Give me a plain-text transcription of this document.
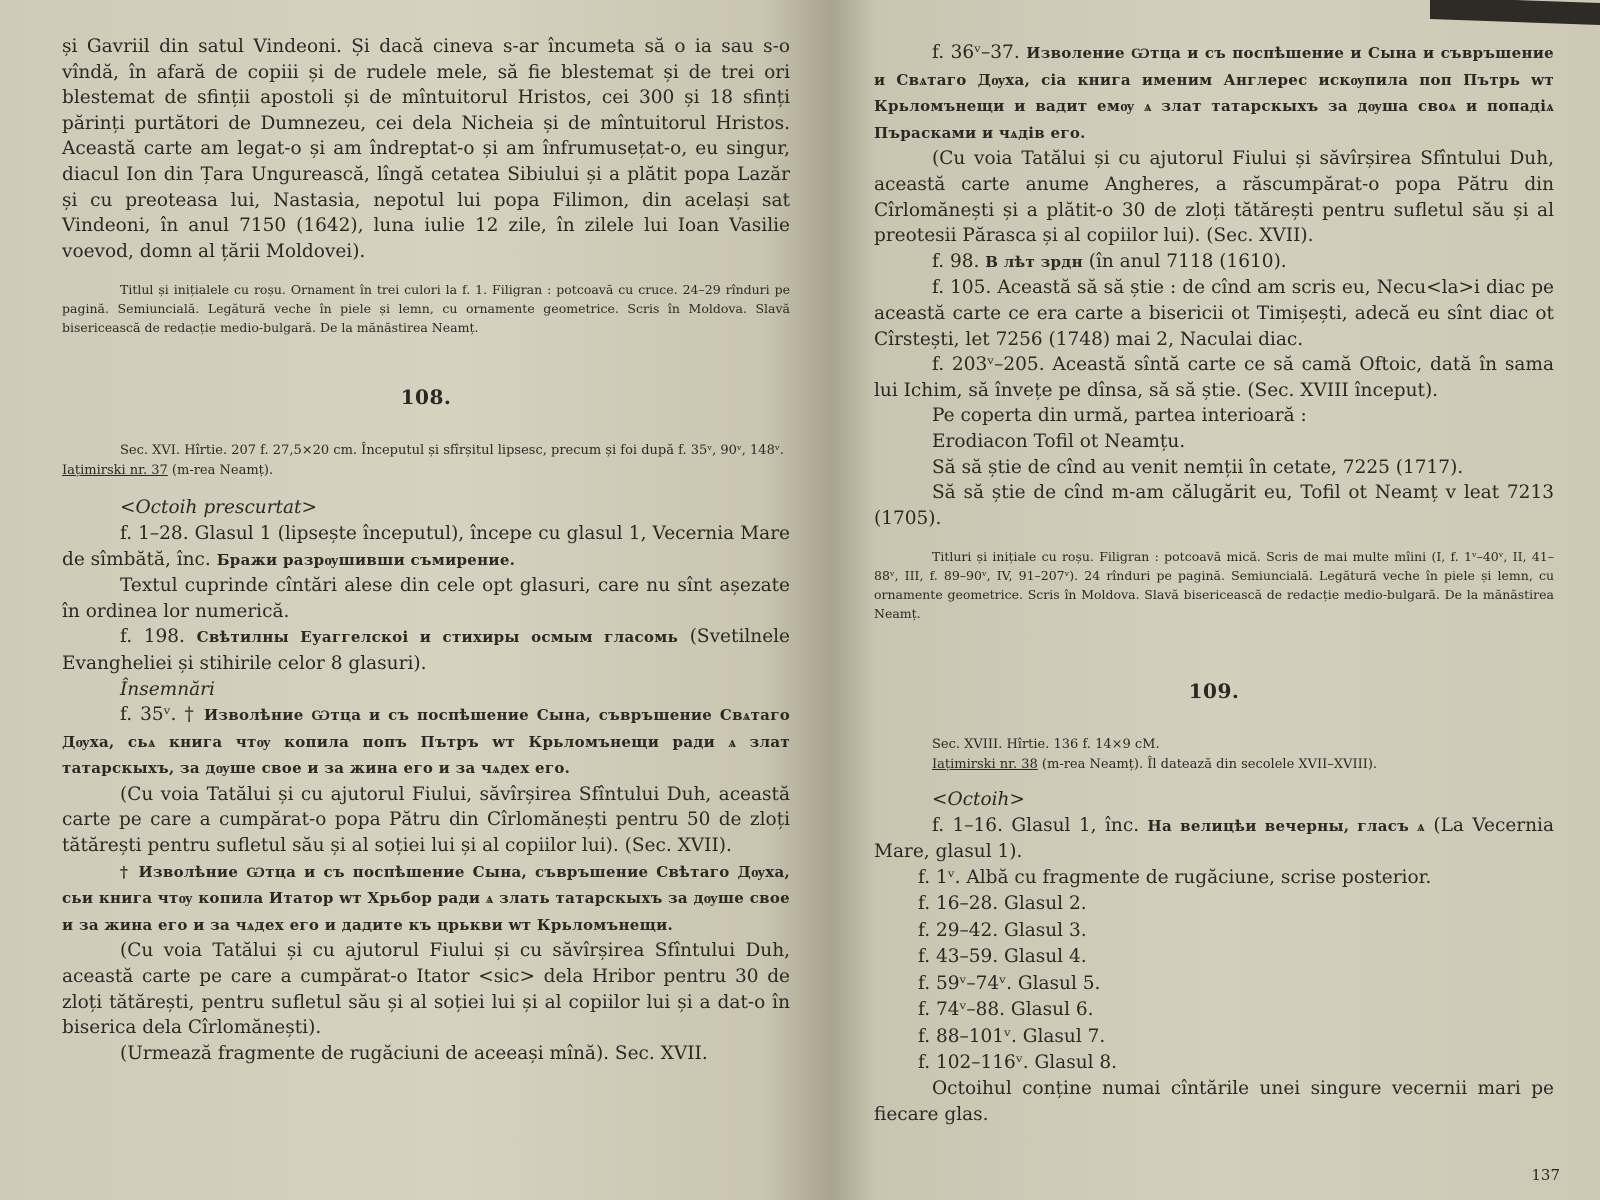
și Gavriil din satul Vindeoni. Și dacă cineva s-ar încumeta să o ia sau s-o vîndă, în afară de copiii și de rudele mele, să fie blestemat și de trei ori blestemat de sfinții apostoli și de mîntuitorul Hristos, cei 300 și 18 sfinți părinți purtători de Dumnezeu, cei dela Nicheia și de mîntuitorul Hristos. Această carte am legat-o și am îndreptat-o și am înfrumusețat-o, eu singur, diacul Ion din Țara Ungurească, lîngă cetatea Sibiului și a plătit popa Lazăr și cu preoteasa lui, Nastasia, nepotul lui popa Filimon, din același sat Vindeoni, în anul 7150 (1642), luna iulie 12 zile, în zilele lui Ioan Vasilie voevod, domn al țării Moldovei).

Titlul și inițialele cu roșu. Ornament în trei culori la f. 1. Filigran : potcoavă cu cruce. 24–29 rînduri pe pagină. Semiuncială. Legătură veche în piele și lemn, cu ornamente geometrice. Scris în Moldova. Slavă bisericească de redacție medio-bulgară. De la mănăstirea Neamț.

108.

Sec. XVI. Hîrtie. 207 f. 27,5×20 cm. Începutul și sfîrșitul lipsesc, precum și foi după f. 35ᵛ, 90ᵛ, 148ᵛ.

Iațimirski nr. 37 (m-rea Neamț).

<Octoih prescurtat>

f. 1–28. Glasul 1 (lipsește începutul), începe cu glasul 1, Vecernia Mare de sîmbătă, înc. Бражи разрѹшивши съмирение.

Textul cuprinde cîntări alese din cele opt glasuri, care nu sînt așezate în ordinea lor numerică.

f. 198. Свѣтилны Еуаггелскоі и стихиры осмым гласомь (Svetilnele Evangheliei și stihirile celor 8 glasuri).

Însemnări

f. 35ᵛ. † Изволѣние Ѡтца и съ поспѣшение Сына, съвръшение Свѧтаго Дѹха, сьѧ книга чтѹ копила попъ Пътръ wт Крьломънещи ради ѧ злат татарскыхъ, за дѹше свое и за жина его и за чѧдех его.

(Cu voia Tatălui și cu ajutorul Fiului, săvîrșirea Sfîntului Duh, această carte pe care a cumpărat-o popa Pătru din Cîrlomănești pentru 50 de zloți tătărești pentru sufletul său și al soției lui și al copiilor lui). (Sec. XVII).

† Изволѣние Ѡтца и съ поспѣшение Сына, съвръшение Свѣтаго Дѹха, сьи книга чтѹ копила Итатор wт Хрьбор ради ѧ злать татарскыхъ за дѹше свое и за жина его и за чѧдех его и дадите къ црькви wт Крьломънещи.

(Cu voia Tatălui și cu ajutorul Fiului și cu săvîrșirea Sfîntului Duh, această carte pe care a cumpărat-o Itator <sic> dela Hribor pentru 30 de zloți tătărești, pentru sufletul său și al soției lui și al copiilor lui și a dat-o în biserica dela Cîrlomănești).

(Urmează fragmente de rugăciuni de aceeași mînă). Sec. XVII.

f. 36ᵛ–37. Изволение Ѡтца и съ поспѣшение и Сына и съвръшение и Свѧтаго Дѹха, сіа книга именим Англерес искѹпила поп Пътрь wт Крьломънещи и вадит емѹ ѧ злат татарскыхъ за дѹша своѧ и попадіѧ Пърасками и чѧдів его.

(Cu voia Tatălui și cu ajutorul Fiului și săvîrșirea Sfîntului Duh, această carte anume Angheres, a răscumpărat-o popa Pătru din Cîrlomănești și a plătit-o 30 de zloți tătărești pentru sufletul său și al preotesii Părasca și al copiilor lui). (Sec. XVII).

f. 98. В лѣт зрдн (în anul 7118 (1610).

f. 105. Această să să știe : de cînd am scris eu, Necu<la>i diac pe această carte ce era carte a bisericii ot Timișești, adecă eu sînt diac ot Cîrstești, let 7256 (1748) mai 2, Naculai diac.

f. 203ᵛ–205. Această sîntă carte ce să camă Oftoic, dată în sama lui Ichim, să învețe pe dînsa, să să știe. (Sec. XVIII început).

Pe coperta din urmă, partea interioară :

Erodiacon Tofil ot Neamțu.

Să să știe de cînd au venit nemții în cetate, 7225 (1717).

Să să știe de cînd m-am călugărit eu, Tofil ot Neamț v leat 7213 (1705).

Titluri și inițiale cu roșu. Filigran : potcoavă mică. Scris de mai multe mîini (I, f. 1ᵛ–40ᵛ, II, 41–88ᵛ, III, f. 89–90ᵛ, IV, 91–207ᵛ). 24 rînduri pe pagină. Semiuncială. Legătură veche în piele și lemn, cu ornamente geometrice. Scris în Moldova. Slavă bisericească de redacție medio-bulgară. De la mănăstirea Neamț.

109.

Sec. XVIII. Hîrtie. 136 f. 14×9 cM.

Iațimirski nr. 38 (m-rea Neamț). Îl datează din secolele XVII–XVIII).

<Octoih>

f. 1–16. Glasul 1, înc. На велицѣи вечерны, гласъ ѧ (La Vecernia Mare, glasul 1).

f. 1ᵛ. Albă cu fragmente de rugăciune, scrise posterior.

f. 16–28. Glasul 2.

f. 29–42. Glasul 3.

f. 43–59. Glasul 4.

f. 59ᵛ–74ᵛ. Glasul 5.

f. 74ᵛ–88. Glasul 6.

f. 88–101ᵛ. Glasul 7.

f. 102–116ᵛ. Glasul 8.

Octoihul conține numai cîntările unei singure vecernii mari pe fiecare glas.

137
